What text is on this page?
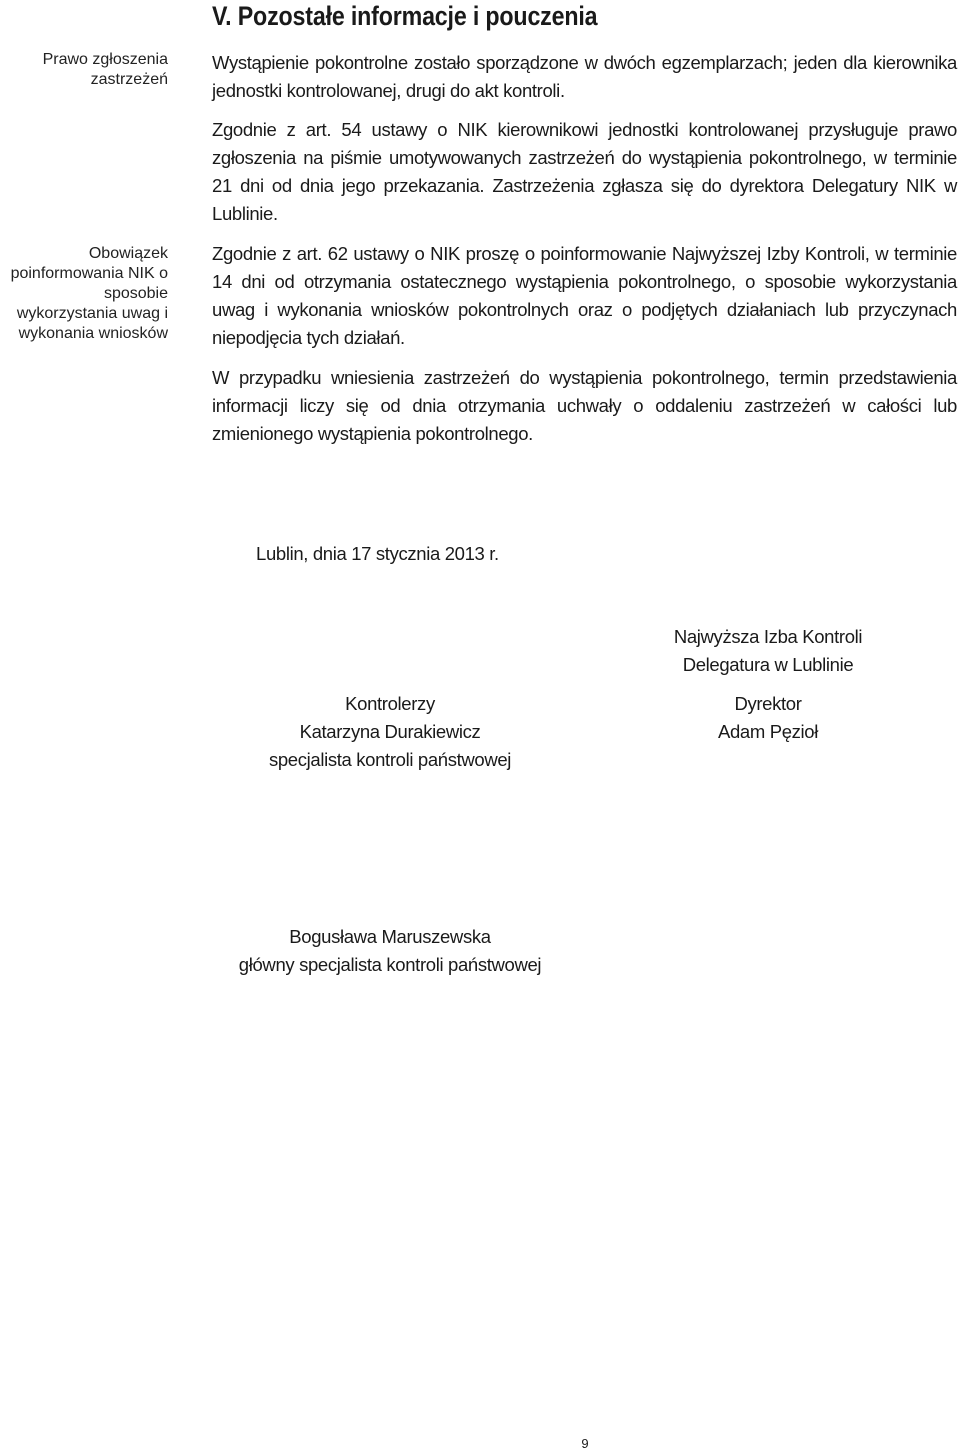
V. Pozostałe informacje i pouczenia
Prawo zgłoszenia zastrzeżeń
Obowiązek poinformowania NIK o sposobie wykorzystania uwag i wykonania wniosków

Wystąpienie pokontrolne zostało sporządzone w dwóch egzemplarzach; jeden dla kierownika jednostki kontrolowanej, drugi do akt kontroli.

Zgodnie z art. 54 ustawy o NIK kierownikowi jednostki kontrolowanej przysługuje prawo zgłoszenia na piśmie umotywowanych zastrzeżeń do wystąpienia pokontrolnego, w terminie 21 dni od dnia jego przekazania. Zastrzeżenia zgłasza się do dyrektora Delegatury NIK w Lublinie.

Zgodnie z art. 62 ustawy o NIK proszę o poinformowanie Najwyższej Izby Kontroli, w terminie 14 dni od otrzymania ostatecznego wystąpienia pokontrolnego, o sposobie wykorzystania uwag i wykonania wniosków pokontrolnych oraz o podjętych działaniach lub przyczynach niepodjęcia tych działań.

W przypadku wniesienia zastrzeżeń do wystąpienia pokontrolnego, termin przedstawienia informacji liczy się od dnia otrzymania uchwały o oddaleniu zastrzeżeń w całości lub zmienionego wystąpienia pokontrolnego.

Lublin, dnia 17 stycznia 2013 r.
Najwyższa Izba Kontroli
Delegatura w Lublinie
Dyrektor
Adam Pęzioł
Kontrolerzy
Katarzyna Durakiewicz
specjalista kontroli państwowej
Bogusława Maruszewska
główny specjalista kontroli państwowej
9
